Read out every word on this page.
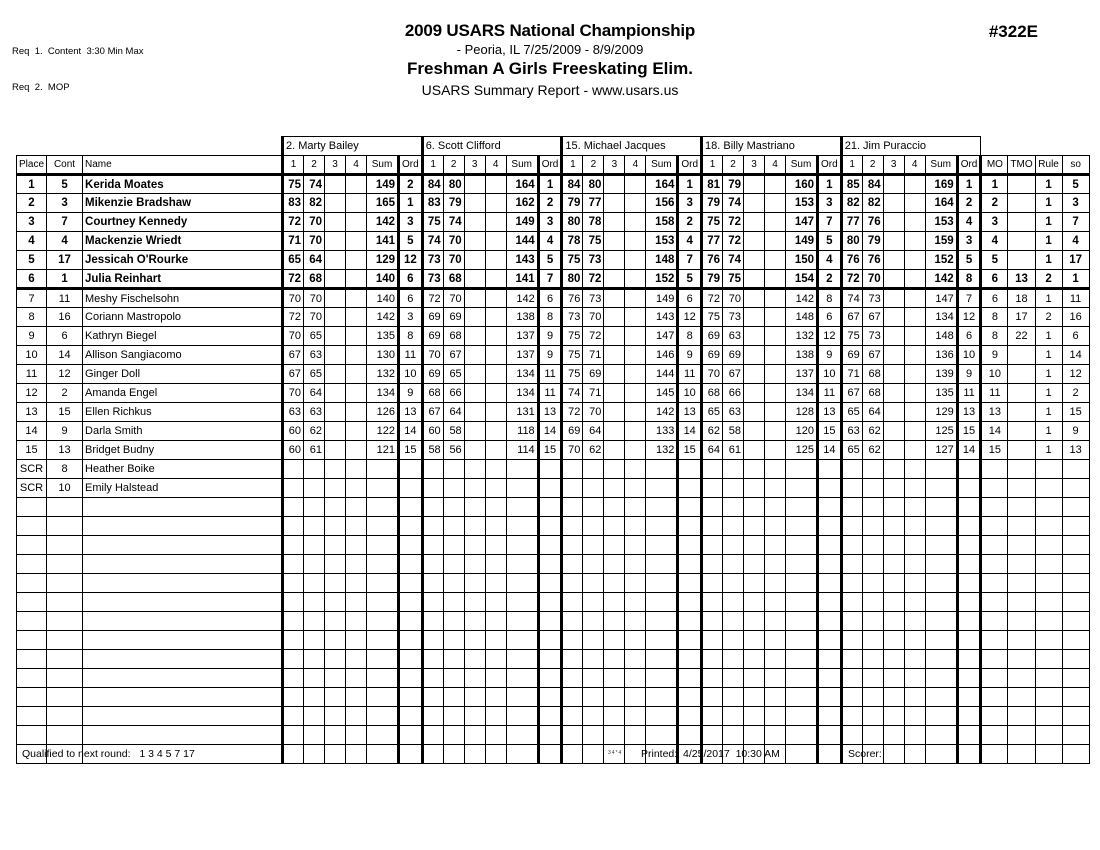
Req  1.  Content  3:30 Min Max

Req  2.  MOP

2009 USARS National Championship
- Peoria, IL 7/25/2009 - 8/9/2009
Freshman A Girls Freeskating Elim.
USARS Summary Report - www.usars.us
#322E
			2. Marty Bailey						6. Scott Clifford						15. Michael Jacques						18. Billy Mastriano						21. Jim Puraccio									
Place	Cont	Name	1	2	3	4	Sum	Ord	1	2	3	4	Sum	Ord	1	2	3	4	Sum	Ord	1	2	3	4	Sum	Ord	1	2	3	4	Sum	Ord	MO	TMO	Rule	so
1	5	Kerida Moates	75	74			149	2	84	80			164	1	84	80			164	1	81	79			160	1	85	84			169	1	1		1	5
2	3	Mikenzie Bradshaw	83	82			165	1	83	79			162	2	79	77			156	3	79	74			153	3	82	82			164	2	2		1	3
3	7	Courtney Kennedy	72	70			142	3	75	74			149	3	80	78			158	2	75	72			147	7	77	76			153	4	3		1	7
4	4	Mackenzie Wriedt	71	70			141	5	74	70			144	4	78	75			153	4	77	72			149	5	80	79			159	3	4		1	4
5	17	Jessicah O'Rourke	65	64			129	12	73	70			143	5	75	73			148	7	76	74			150	4	76	76			152	5	5		1	17
6	1	Julia Reinhart	72	68			140	6	73	68			141	7	80	72			152	5	79	75			154	2	72	70			142	8	6	13	2	1
7	11	Meshy Fischelsohn	70	70			140	6	72	70			142	6	76	73			149	6	72	70			142	8	74	73			147	7	6	18	1	11
8	16	Coriann Mastropolo	72	70			142	3	69	69			138	8	73	70			143	12	75	73			148	6	67	67			134	12	8	17	2	16
9	6	Kathryn Biegel	70	65			135	8	69	68			137	9	75	72			147	8	69	63			132	12	75	73			148	6	8	22	1	6
10	14	Allison Sangiacomo	67	63			130	11	70	67			137	9	75	71			146	9	69	69			138	9	69	67			136	10	9		1	14
11	12	Ginger Doll	67	65			132	10	69	65			134	11	75	69			144	11	70	67			137	10	71	68			139	9	10		1	12
12	2	Amanda Engel	70	64			134	9	68	66			134	11	74	71			145	10	68	66			134	11	67	68			135	11	11		1	2
13	15	Ellen Richkus	63	63			126	13	67	64			131	13	72	70			142	13	65	63			128	13	65	64			129	13	13		1	15
14	9	Darla Smith	60	62			122	14	60	58			118	14	69	64			133	14	62	58			120	15	63	62			125	15	14		1	9
15	13	Bridget Budny	60	61			121	15	58	56			114	15	70	62			132	15	64	61			125	14	65	62			127	14	15		1	13
SCR	8	Heather Boike																																		
SCR	10	Emily Halstead																																		

Qualified to next round:   1 3 4 5 7 17	34*4 Printed:  4/25/2017  10:30 AM	Scorer:
